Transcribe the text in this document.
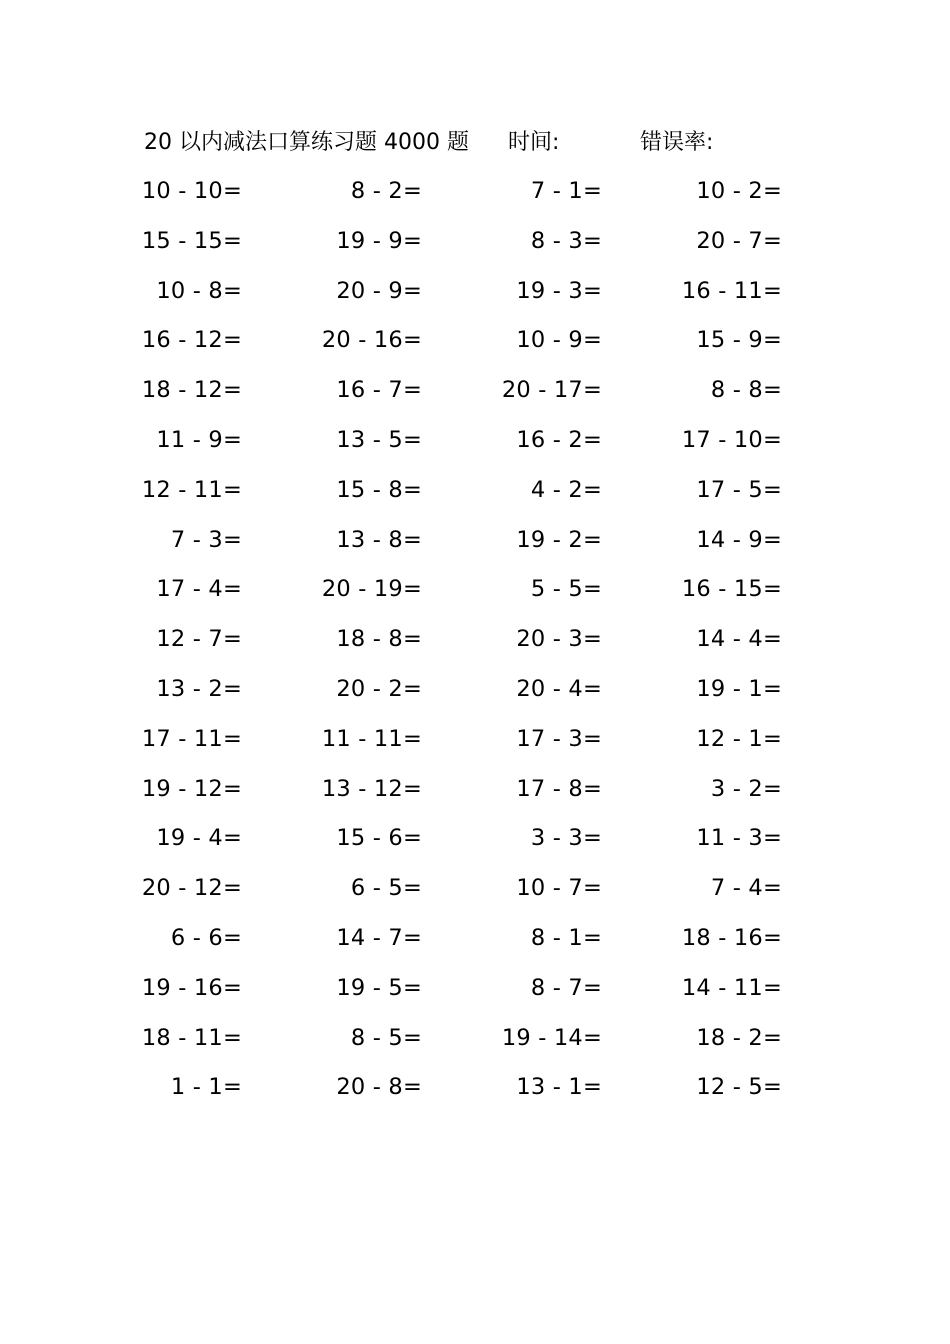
20 以内减法口算练习题 4000 题 时间:	错误率:
10 - 10=	8 - 2=	7 - 1=	10 - 2=
15 - 15=	19 - 9=	8 - 3=	20 - 7=
10 - 8=	20 - 9=	19 - 3=	16 - 11=
16 - 12=	20 - 16=	10 - 9=	15 - 9=
18 - 12=	16 - 7=	20 - 17=	8 - 8=
11 - 9=	13 - 5=	16 - 2=	17 - 10=
12 - 11=	15 - 8=	4 - 2=	17 - 5=
7 - 3=	13 - 8=	19 - 2=	14 - 9=
17 - 4=	20 - 19=	5 - 5=	16 - 15=
12 - 7=	18 - 8=	20 - 3=	14 - 4=
13 - 2=	20 - 2=	20 - 4=	19 - 1=
17 - 11=	11 - 11=	17 - 3=	12 - 1=
19 - 12=	13 - 12=	17 - 8=	3 - 2=
19 - 4=	15 - 6=	3 - 3=	11 - 3=
20 - 12=	6 - 5=	10 - 7=	7 - 4=
6 - 6=	14 - 7=	8 - 1=	18 - 16=
19 - 16=	19 - 5=	8 - 7=	14 - 11=
18 - 11=	8 - 5=	19 - 14=	18 - 2=
1 - 1=	20 - 8=	13 - 1=	12 - 5=
